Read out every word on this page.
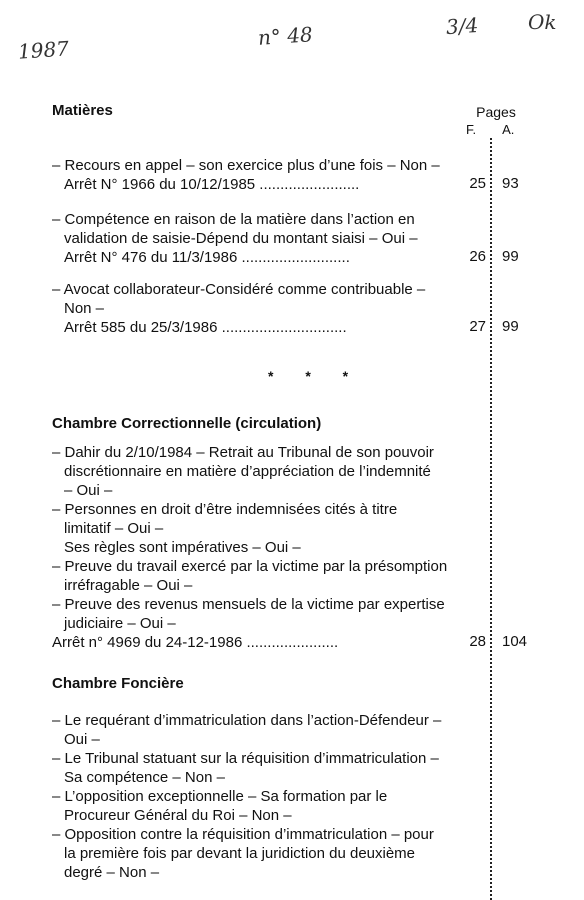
1987
n° 48	3/4 Ok
Matières	Pages
F. A.
– Recours en appel – son exercice plus d’une fois – Non –
Arrêt N° 1966 du 10/12/1985 ........................	25 93
– Compétence en raison de la matière dans l’action en
validation de saisie-Dépend du montant siaisi – Oui –
Arrêt N° 476 du 11/3/1986 ..........................	26 99
– Avocat collaborateur-Considéré comme contribuable –
Non –
Arrêt 585 du 25/3/1986 ..............................	27 99
* * *
Chambre Correctionnelle (circulation)
– Dahir du 2/10/1984 – Retrait au Tribunal de son pouvoir
discrétionnaire en matière d’appréciation de l’indemnité
– Oui –
– Personnes en droit d’être indemnisées cités à titre
limitatif – Oui –
Ses règles sont impératives – Oui –
– Preuve du travail exercé par la victime par la présomption
irréfragable – Oui –
– Preuve des revenus mensuels de la victime par expertise
judiciaire – Oui –
Arrêt n° 4969 du 24-12-1986 ......................	28 104
Chambre Foncière
– Le requérant d’immatriculation dans l’action-Défendeur –
Oui –
– Le Tribunal statuant sur la réquisition d’immatriculation –
Sa compétence – Non –
– L’opposition exceptionnelle – Sa formation par le
Procureur Général du Roi – Non –
– Opposition contre la réquisition d’immatriculation – pour
la première fois par devant la juridiction du deuxième
degré – Non –
